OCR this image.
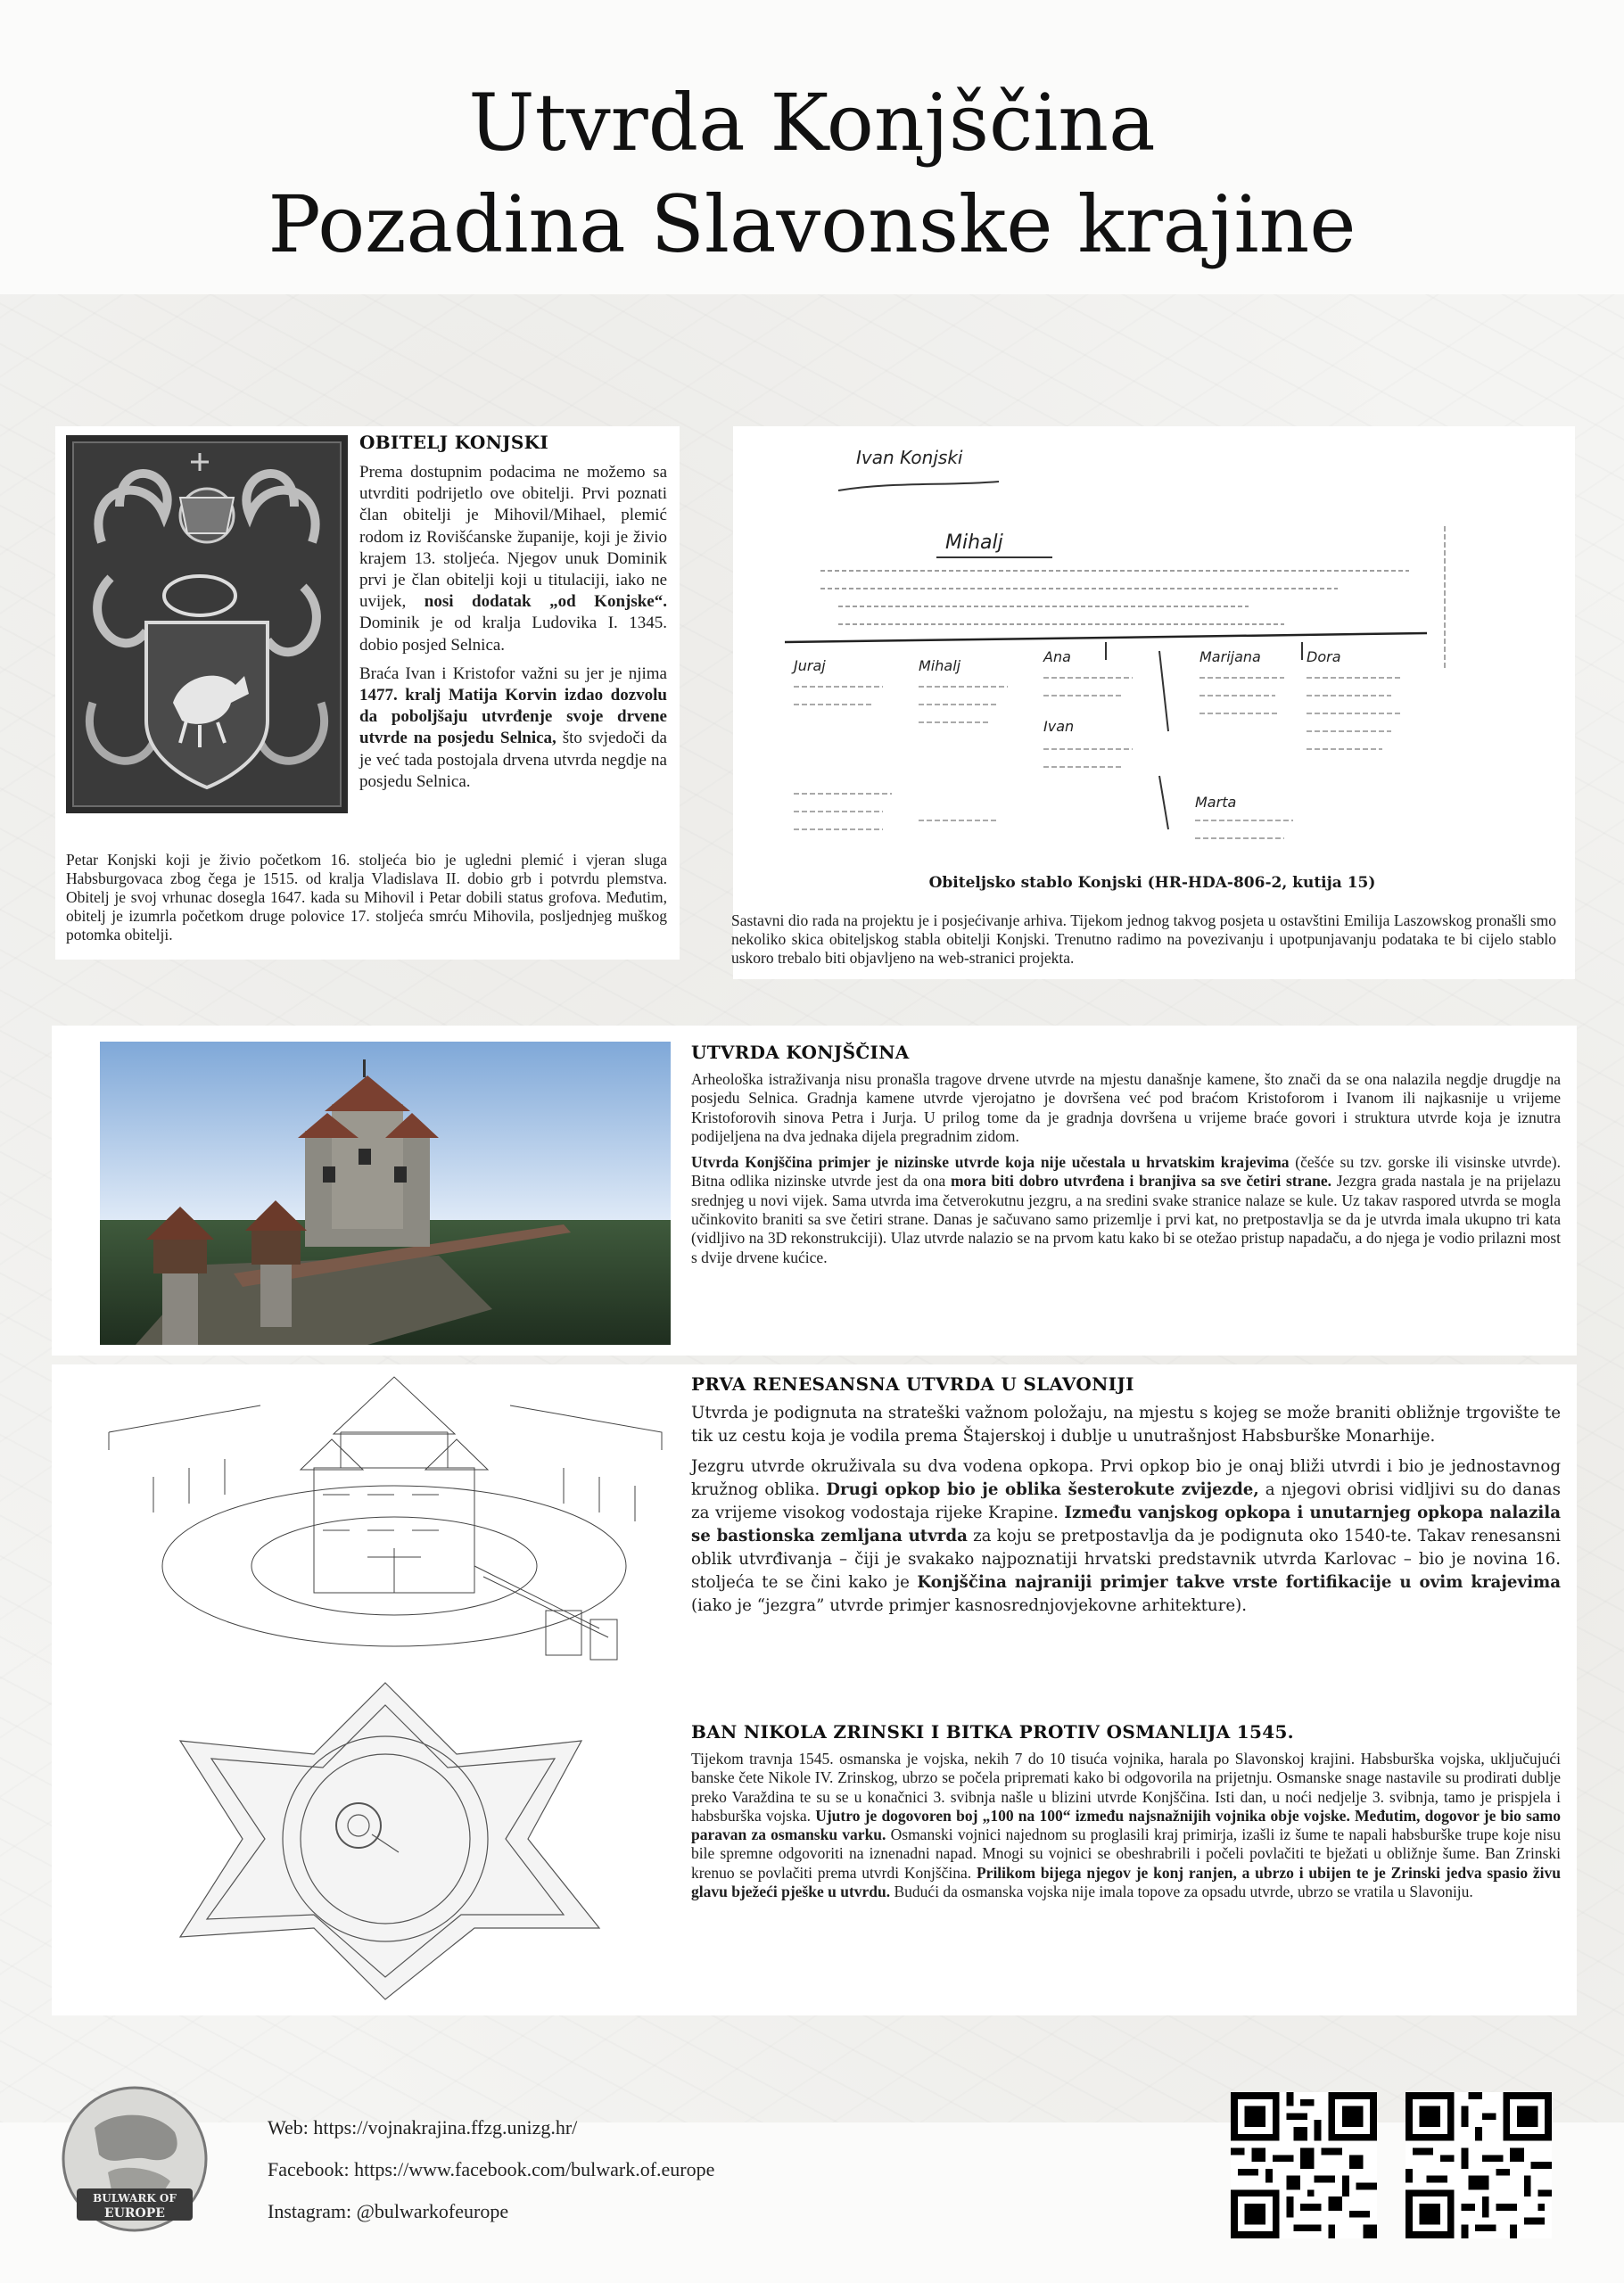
Utvrda Konjščina
Pozadina Slavonske krajine
OBITELJ KONJSKI

Prema dostupnim podacima ne možemo sa utvrditi podrijetlo ove obitelji. Prvi poznati član obitelji je Mihovil/Mihael, plemić rodom iz Rovišćanske županije, koji je živio krajem 13. stoljeća. Njegov unuk Dominik prvi je član obitelji koji u titulaciji, iako ne uvijek, nosi dodatak „od Konjske“. Dominik je od kralja Ludovika I. 1345. dobio posjed Selnica.

Braća Ivan i Kristofor važni su jer je njima 1477. kralj Matija Korvin izdao dozvolu da poboljšaju utvrđenje svoje drvene utvrde na posjedu Selnica, što svjedoči da je već tada postojala drvena utvrda negdje na posjedu Selnica.

Petar Konjski koji je živio početkom 16. stoljeća bio je ugledni plemić i vjeran sluga Habsburgovaca zbog čega je 1515. od kralja Vladislava II. dobio grb i potvrdu plemstva. Obitelj je svoj vrhunac dosegla 1647. kada su Mihovil i Petar dobili status grofova. Međutim, obitelj je izumrla početkom druge polovice 17. stoljeća smrću Mihovila, posljednjeg muškog potomka obitelji.

Ivan Konjski
Mihalj
Juraj	Mihalj
Ana	Marijana	Dora
Ivan
Marta

Obiteljsko stablo Konjski (HR-HDA-806-2, kutija 15)

Sastavni dio rada na projektu je i posjećivanje arhiva. Tijekom jednog takvog posjeta u ostavštini Emilija Laszowskog pronašli smo nekoliko skica obiteljskog stabla obitelji Konjski. Trenutno radimo na povezivanju i upotpunjavanju podataka te bi cijelo stablo uskoro trebalo biti objavljeno na web-stranici projekta.

UTVRDA KONJŠČINA

Arheološka istraživanja nisu pronašla tragove drvene utvrde na mjestu današnje kamene, što znači da se ona nalazila negdje drugdje na posjedu Selnica. Gradnja kamene utvrde vjerojatno je dovršena već pod braćom Kristoforom i Ivanom ili najkasnije u vrijeme Kristoforovih sinova Petra i Jurja. U prilog tome da je gradnja dovršena u vrijeme braće govori i struktura utvrde koja je iznutra podijeljena na dva jednaka dijela pregradnim zidom.

Utvrda Konjščina primjer je nizinske utvrde koja nije učestala u hrvatskim krajevima (češće su tzv. gorske ili visinske utvrde). Bitna odlika nizinske utvrde jest da ona mora biti dobro utvrđena i branjiva sa sve četiri strane. Jezgra grada nastala je na prijelazu srednjeg u novi vijek. Sama utvrda ima četverokutnu jezgru, a na sredini svake stranice nalaze se kule. Uz takav raspored utvrda se mogla učinkovito braniti sa sve četiri strane. Danas je sačuvano samo prizemlje i prvi kat, no pretpostavlja se da je utvrda imala ukupno tri kata (vidljivo na 3D rekonstrukciji). Ulaz utvrde nalazio se na prvom katu kako bi se otežao pristup napadaču, a do njega je vodio prilazni most s dvije drvene kućice.

PRVA RENESANSNA UTVRDA U SLAVONIJI

Utvrda je podignuta na strateški važnom položaju, na mjestu s kojeg se može braniti obližnje trgovište te tik uz cestu koja je vodila prema Štajerskoj i dublje u unutrašnjost Habsburške Monarhije.

Jezgru utvrde okruživala su dva vodena opkopa. Prvi opkop bio je onaj bliži utvrdi i bio je jednostavnog kružnog oblika. Drugi opkop bio je oblika šesterokute zvijezde, a njegovi obrisi vidljivi su do danas za vrijeme visokog vodostaja rijeke Krapine. Između vanjskog opkopa i unutarnjeg opkopa nalazila se bastionska zemljana utvrda za koju se pretpostavlja da je podignuta oko 1540-te. Takav renesansni oblik utvrđivanja – čiji je svakako najpoznatiji hrvatski predstavnik utvrda Karlovac – bio je novina 16. stoljeća te se čini kako je Konjščina najraniji primjer takve vrste fortifikacije u ovim krajevima (iako je “jezgra” utvrde primjer kasnosrednjovjekovne arhitekture).

BAN NIKOLA ZRINSKI I BITKA PROTIV OSMANLIJA 1545.

Tijekom travnja 1545. osmanska je vojska, nekih 7 do 10 tisuća vojnika, harala po Slavonskoj krajini. Habsburška vojska, uključujući banske čete Nikole IV. Zrinskog, ubrzo se počela pripremati kako bi odgovorila na prijetnju. Osmanske snage nastavile su prodirati dublje preko Varaždina te su se u konačnici 3. svibnja našle u blizini utvrde Konjščina. Isti dan, u noći nedjelje 3. svibnja, tamo je prispjela i habsburška vojska. Ujutro je dogovoren boj „100 na 100“ između najsnažnijih vojnika obje vojske. Međutim, dogovor je bio samo paravan za osmansku varku. Osmanski vojnici najednom su proglasili kraj primirja, izašli iz šume te napali habsburške trupe koje nisu bile spremne odgovoriti na iznenadni napad. Mnogi su vojnici se obeshrabrili i počeli povlačiti te bježati u obližnje šume. Ban Zrinski krenuo se povlačiti prema utvrdi Konjščina. Prilikom bijega njegov je konj ranjen, a ubrzo i ubijen te je Zrinski jedva spasio živu glavu bježeći pješke u utvrdu. Budući da osmanska vojska nije imala topove za opsadu utvrde, ubrzo se vratila u Slavoniju.

BULWARK OF
EUROPE
Web: https://vojnakrajina.ffzg.unizg.hr/
Facebook: https://www.facebook.com/bulwark.of.europe
Instagram: @bulwarkofeurope
